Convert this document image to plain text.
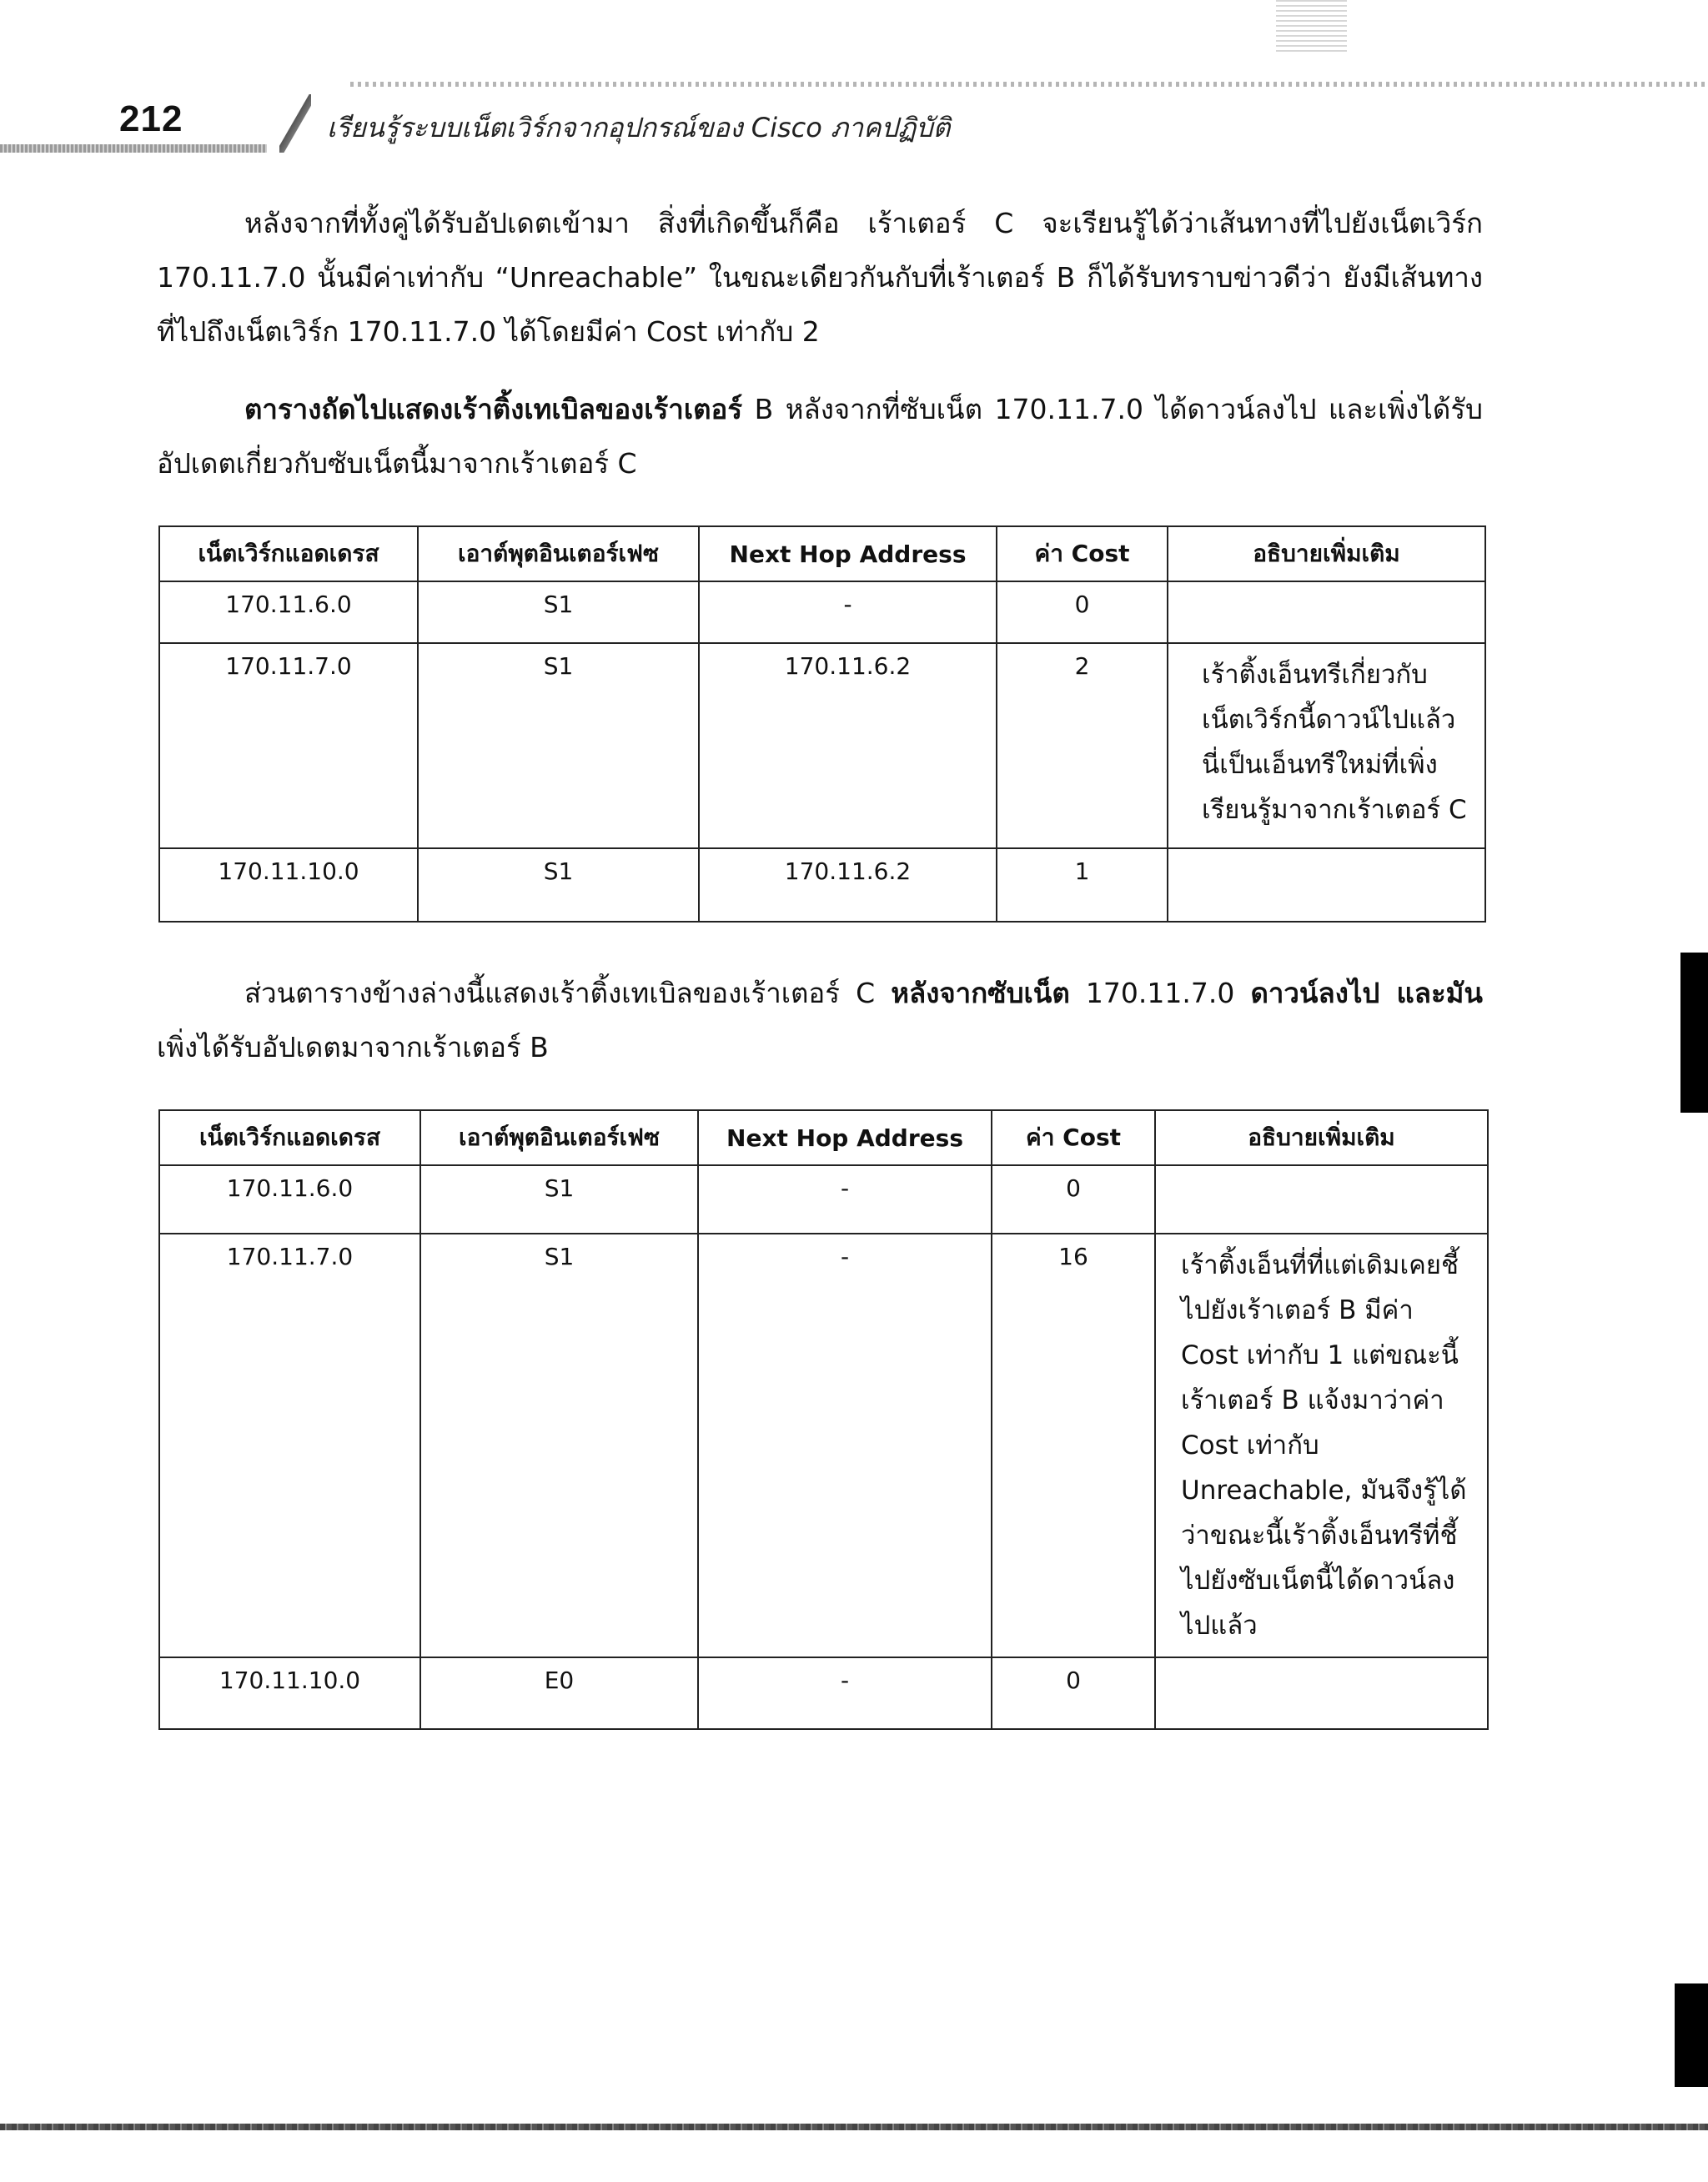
212	เรียนรู้ระบบเน็ตเวิร์กจากอุปกรณ์ของ Cisco ภาคปฏิบัติ

หลังจากที่ทั้งคู่ได้รับอัปเดตเข้ามา สิ่งที่เกิดขึ้นก็คือ เร้าเตอร์ C จะเรียนรู้ได้ว่าเส้นทางที่ไปยังเน็ตเวิร์ก 170.11.7.0 นั้นมีค่าเท่ากับ “Unreachable” ในขณะเดียวกันกับที่เร้าเตอร์ B ก็ได้รับทราบข่าวดีว่า ยังมีเส้นทางที่ไปถึงเน็ตเวิร์ก 170.11.7.0 ได้โดยมีค่า Cost เท่ากับ 2

ตารางถัดไปแสดงเร้าติ้งเทเบิลของเร้าเตอร์ B หลังจากที่ซับเน็ต 170.11.7.0 ได้ดาวน์ลงไป และเพิ่งได้รับอัปเดตเกี่ยวกับซับเน็ตนี้มาจากเร้าเตอร์ C

เน็ตเวิร์กแอดเดรส	เอาต์พุตอินเตอร์เฟซ	Next Hop Address	ค่า Cost	อธิบายเพิ่มเติม
170.11.6.0	S1	-	0	
170.11.7.0	S1	170.11.6.2	2	เร้าติ้งเอ็นทรีเกี่ยวกับเน็ตเวิร์กนี้ดาวน์ไปแล้ว นี่เป็นเอ็นทรีใหม่ที่เพิ่งเรียนรู้มาจากเร้าเตอร์ C
170.11.10.0	S1	170.11.6.2	1	

ส่วนตารางข้างล่างนี้แสดงเร้าติ้งเทเบิลของเร้าเตอร์ C หลังจากซับเน็ต 170.11.7.0 ดาวน์ลงไป และมันเพิ่งได้รับอัปเดตมาจากเร้าเตอร์ B

เน็ตเวิร์กแอดเดรส	เอาต์พุตอินเตอร์เฟซ	Next Hop Address	ค่า Cost	อธิบายเพิ่มเติม
170.11.6.0	S1	-	0	
170.11.7.0	S1	-	16	เร้าติ้งเอ็นที่ที่แต่เดิมเคยชี้ไปยังเร้าเตอร์ B มีค่า Cost เท่ากับ 1 แต่ขณะนี้เร้าเตอร์ B แจ้งมาว่าค่า Cost เท่ากับ Unreachable, มันจึงรู้ได้ว่าขณะนี้เร้าติ้งเอ็นทรีที่ชี้ไปยังซับเน็ตนี้ได้ดาวน์ลงไปแล้ว
170.11.10.0	E0	-	0	
